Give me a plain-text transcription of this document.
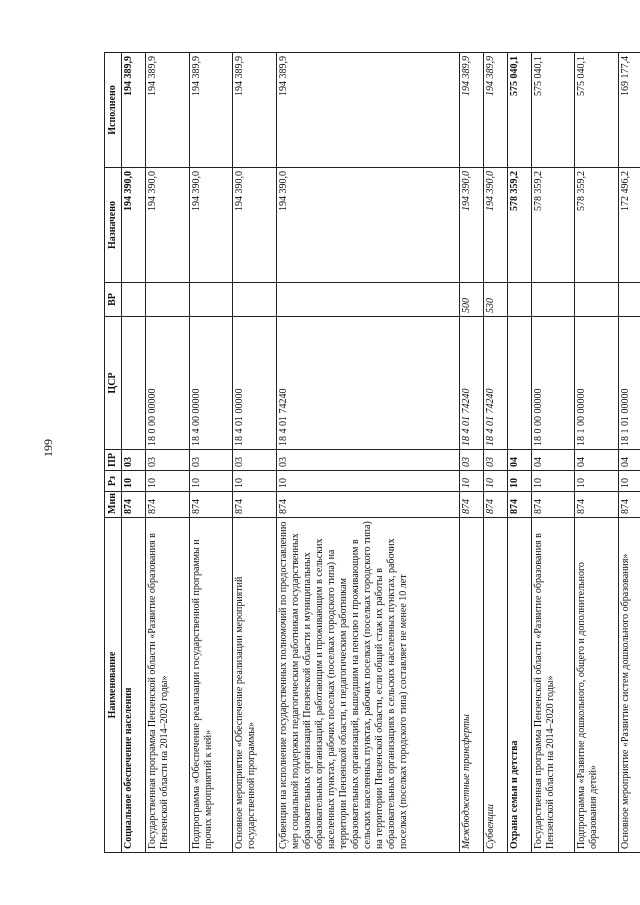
199
Наименование	Мин	Рз	ПР	ЦСР	ВР	Назначено	Исполнено
Социальное обеспечение населения	874	10	03			194 390,0	194 389,9
Государственная программа Пензенской области «Развитие образования в Пензенской области на 2014–2020 годы»	874	10	03	18 0 00 00000		194 390,0	194 389,9
Подпрограмма «Обеспечение реализации государственной программы и прочих мероприятий к ней»	874	10	03	18 4 00 00000		194 390,0	194 389,9
Основное мероприятие «Обеспечение реализации мероприятий государственной программы»	874	10	03	18 4 01 00000		194 390,0	194 389,9
Субвенции на исполнение государственных полномочий по предоставлению мер социальной поддержки педагогическим работникам государственных образовательных организаций Пензенской области и муниципальных образовательных организаций, работающим и проживающим в сельских населенных пунктах, рабочих поселках (поселках городского типа) на территории Пензенской области, и педагогическим работникам образовательных организаций, вышедшим на пенсию и проживающим в сельских населенных пунктах, рабочих поселках (поселках городского типа) на территории Пензенской области, если общий стаж их работы в образовательных организациях в сельских населенных пунктах, рабочих поселках (поселках городского типа) составляет не менее 10 лет	874	10	03	18 4 01 74240		194 390,0	194 389,9
Межбюджетные трансферты	874	10	03	18 4 01 74240	500	194 390,0	194 389,9
Субвенции	874	10	03	18 4 01 74240	530	194 390,0	194 389,9
Охрана семьи и детства	874	10	04			578 359,2	575 040,1
Государственная программа Пензенской области «Развитие образования в Пензенской области на 2014–2020 годы»	874	10	04	18 0 00 00000		578 359,2	575 040,1
Подпрограмма «Развитие дошкольного, общего и дополнительного образования детей»	874	10	04	18 1 00 00000		578 359,2	575 040,1
Основное мероприятие «Развитие систем дошкольного образования»	874	10	04	18 1 01 00000		172 496,2	169 177,4
